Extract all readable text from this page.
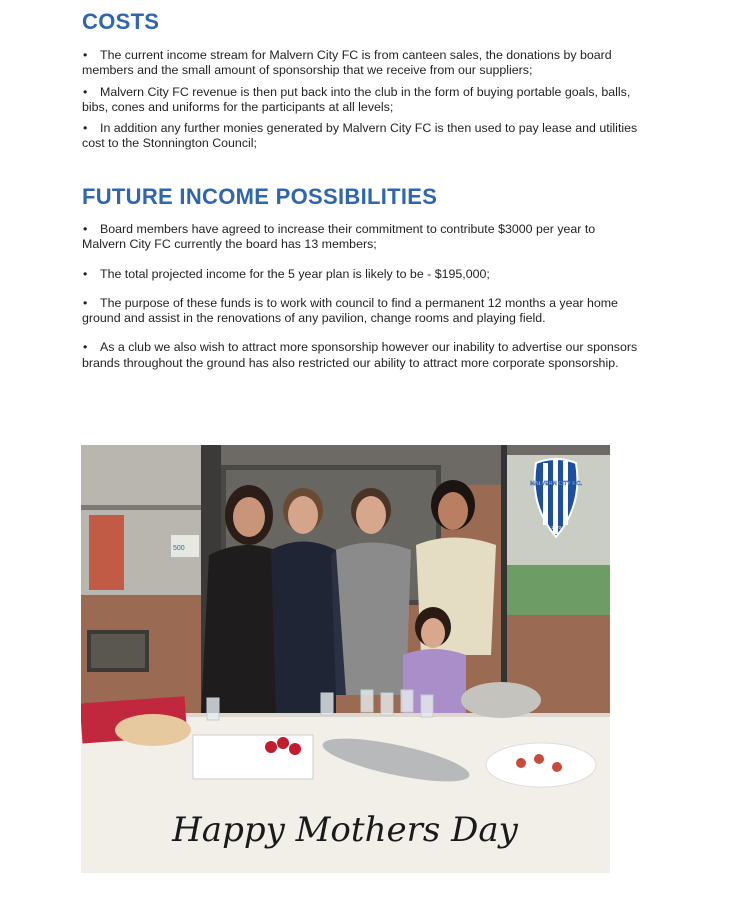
COSTS
• The current income stream for Malvern City FC is from canteen sales, the donations by board members and the small amount of sponsorship that we receive from our suppliers;
• Malvern City FC revenue is then put back into the club in the form of buying portable goals, balls, bibs, cones and uniforms for the participants at all levels;
• In addition any further monies generated by Malvern City FC is then used to pay lease and utilities cost to the Stonnington Council;
FUTURE INCOME POSSIBILITIES
• Board members have agreed to increase their commitment to contribute $3000 per year to Malvern City FC currently the board has 13 members;
• The total projected income for the 5 year plan is likely to be - $195,000;
• The purpose of these funds is to work with council to find a permanent 12 months a year home ground and assist in the renovations of any pavilion, change rooms and playing field.
• As a club we also wish to attract more sponsorship however our inability to advertise our sponsors brands throughout the ground has also restricted our ability to attract more corporate sponsorship.
500
MALVERN CITY F.C.
1970
Happy Mothers Day
